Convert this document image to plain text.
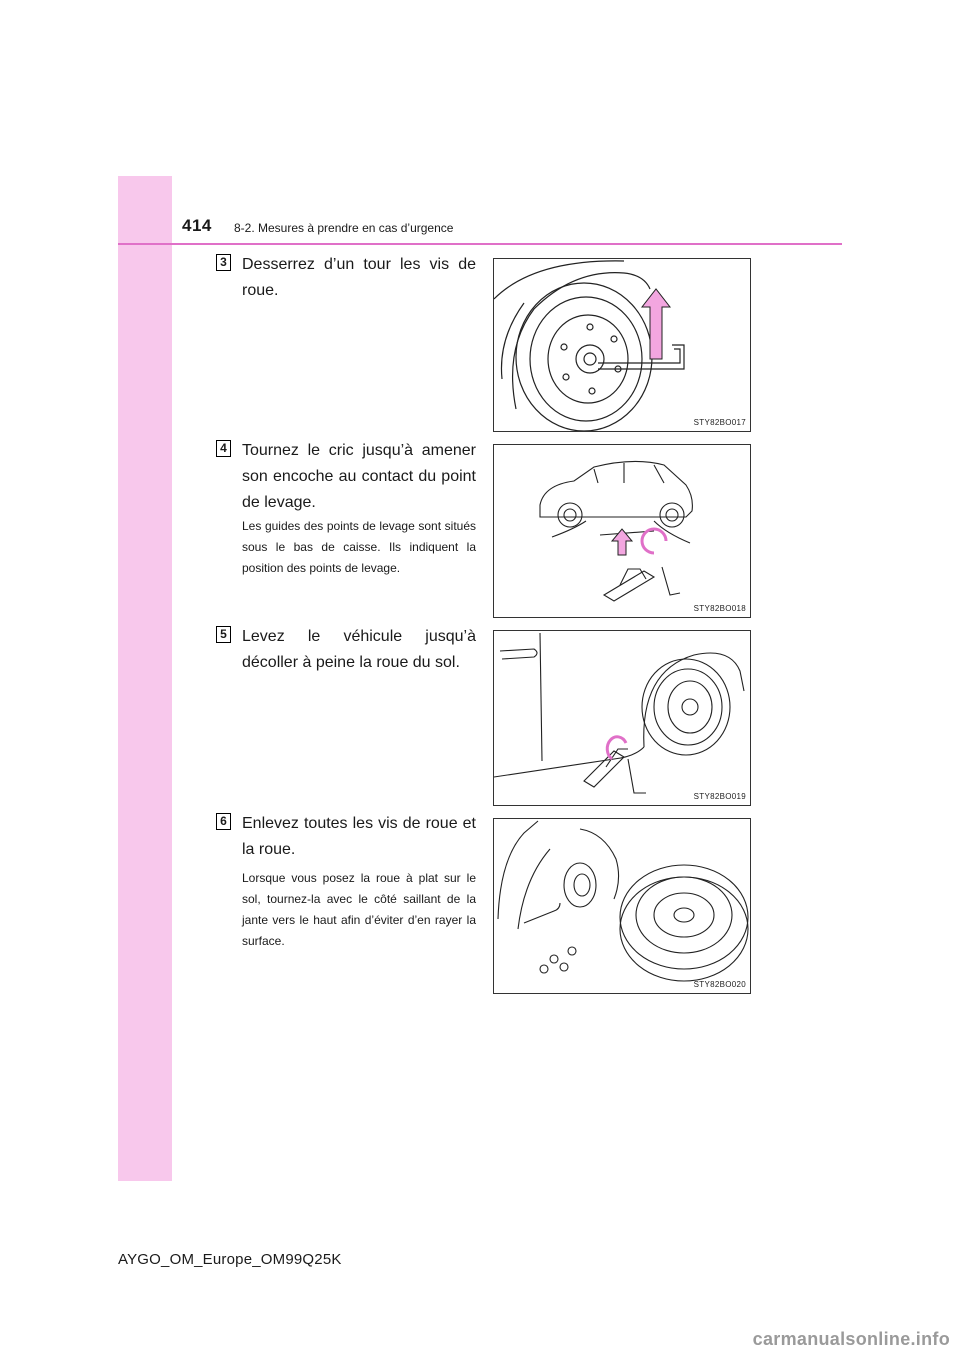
414 8-2. Mesures à prendre en cas d’urgence
3 Desserrez d’un tour les vis de roue.
STY82BO017
4 Tournez le cric jusqu’à amener son encoche au contact du point de levage.
Les guides des points de levage sont situés sous le bas de caisse. Ils indiquent la position des points de levage.
STY82BO018
5 Levez le véhicule jusqu’à décoller à peine la roue du sol.
STY82BO019
6 Enlevez toutes les vis de roue et la roue.
Lorsque vous posez la roue à plat sur le sol, tournez-la avec le côté saillant de la jante vers le haut afin d’éviter d’en rayer la surface.
STY82BO020
AYGO_OM_Europe_OM99Q25K
carmanualsonline.info
